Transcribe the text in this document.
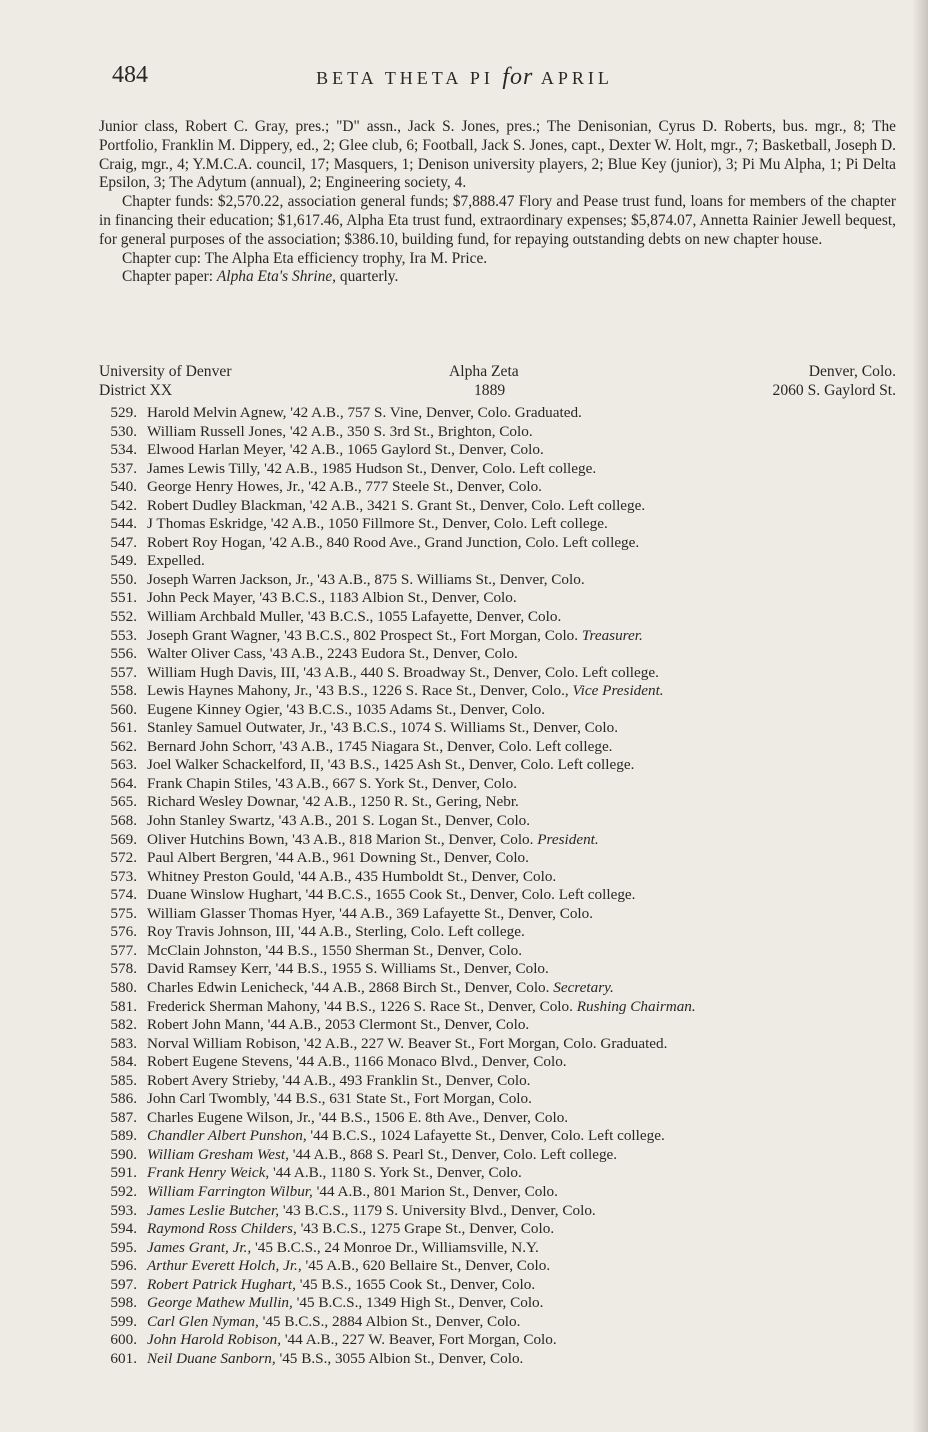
484	BETA THETA PI for APRIL

Junior class, Robert C. Gray, pres.; "D" assn., Jack S. Jones, pres.; The Denisonian, Cyrus D. Roberts, bus. mgr., 8; The Portfolio, Franklin M. Dippery, ed., 2; Glee club, 6; Football, Jack S. Jones, capt., Dexter W. Holt, mgr., 7; Basketball, Joseph D. Craig, mgr., 4; Y.M.C.A. council, 17; Masquers, 1; Denison university players, 2; Blue Key (junior), 3; Pi Mu Alpha, 1; Pi Delta Epsilon, 3; The Adytum (annual), 2; Engineering society, 4.

Chapter funds: $2,570.22, association general funds; $7,888.47 Flory and Pease trust fund, loans for members of the chapter in financing their education; $1,617.46, Alpha Eta trust fund, extraordinary expenses; $5,874.07, Annetta Rainier Jewell bequest, for general purposes of the association; $386.10, building fund, for repaying outstanding debts on new chapter house.

Chapter cup: The Alpha Eta efficiency trophy, Ira M. Price.

Chapter paper: Alpha Eta's Shrine, quarterly.

University of Denver
District XX
Alpha Zeta
1889
Denver, Colo.
2060 S. Gaylord St.
529. Harold Melvin Agnew, '42 A.B., 757 S. Vine, Denver, Colo. Graduated.
530. William Russell Jones, '42 A.B., 350 S. 3rd St., Brighton, Colo.
534. Elwood Harlan Meyer, '42 A.B., 1065 Gaylord St., Denver, Colo.
537. James Lewis Tilly, '42 A.B., 1985 Hudson St., Denver, Colo. Left college.
540. George Henry Howes, Jr., '42 A.B., 777 Steele St., Denver, Colo.
542. Robert Dudley Blackman, '42 A.B., 3421 S. Grant St., Denver, Colo. Left college.
544. J Thomas Eskridge, '42 A.B., 1050 Fillmore St., Denver, Colo. Left college.
547. Robert Roy Hogan, '42 A.B., 840 Rood Ave., Grand Junction, Colo. Left college.
549. Expelled.
550. Joseph Warren Jackson, Jr., '43 A.B., 875 S. Williams St., Denver, Colo.
551. John Peck Mayer, '43 B.C.S., 1183 Albion St., Denver, Colo.
552. William Archbald Muller, '43 B.C.S., 1055 Lafayette, Denver, Colo.
553. Joseph Grant Wagner, '43 B.C.S., 802 Prospect St., Fort Morgan, Colo. Treasurer.
556. Walter Oliver Cass, '43 A.B., 2243 Eudora St., Denver, Colo.
557. William Hugh Davis, III, '43 A.B., 440 S. Broadway St., Denver, Colo. Left college.
558. Lewis Haynes Mahony, Jr., '43 B.S., 1226 S. Race St., Denver, Colo., Vice President.
560. Eugene Kinney Ogier, '43 B.C.S., 1035 Adams St., Denver, Colo.
561. Stanley Samuel Outwater, Jr., '43 B.C.S., 1074 S. Williams St., Denver, Colo.
562. Bernard John Schorr, '43 A.B., 1745 Niagara St., Denver, Colo. Left college.
563. Joel Walker Schackelford, II, '43 B.S., 1425 Ash St., Denver, Colo. Left college.
564. Frank Chapin Stiles, '43 A.B., 667 S. York St., Denver, Colo.
565. Richard Wesley Downar, '42 A.B., 1250 R. St., Gering, Nebr.
568. John Stanley Swartz, '43 A.B., 201 S. Logan St., Denver, Colo.
569. Oliver Hutchins Bown, '43 A.B., 818 Marion St., Denver, Colo. President.
572. Paul Albert Bergren, '44 A.B., 961 Downing St., Denver, Colo.
573. Whitney Preston Gould, '44 A.B., 435 Humboldt St., Denver, Colo.
574. Duane Winslow Hughart, '44 B.C.S., 1655 Cook St., Denver, Colo. Left college.
575. William Glasser Thomas Hyer, '44 A.B., 369 Lafayette St., Denver, Colo.
576. Roy Travis Johnson, III, '44 A.B., Sterling, Colo. Left college.
577. McClain Johnston, '44 B.S., 1550 Sherman St., Denver, Colo.
578. David Ramsey Kerr, '44 B.S., 1955 S. Williams St., Denver, Colo.
580. Charles Edwin Lenicheck, '44 A.B., 2868 Birch St., Denver, Colo. Secretary.
581. Frederick Sherman Mahony, '44 B.S., 1226 S. Race St., Denver, Colo. Rushing Chairman.
582. Robert John Mann, '44 A.B., 2053 Clermont St., Denver, Colo.
583. Norval William Robison, '42 A.B., 227 W. Beaver St., Fort Morgan, Colo. Graduated.
584. Robert Eugene Stevens, '44 A.B., 1166 Monaco Blvd., Denver, Colo.
585. Robert Avery Strieby, '44 A.B., 493 Franklin St., Denver, Colo.
586. John Carl Twombly, '44 B.S., 631 State St., Fort Morgan, Colo.
587. Charles Eugene Wilson, Jr., '44 B.S., 1506 E. 8th Ave., Denver, Colo.
589. Chandler Albert Punshon, '44 B.C.S., 1024 Lafayette St., Denver, Colo. Left college.
590. William Gresham West, '44 A.B., 868 S. Pearl St., Denver, Colo. Left college.
591. Frank Henry Weick, '44 A.B., 1180 S. York St., Denver, Colo.
592. William Farrington Wilbur, '44 A.B., 801 Marion St., Denver, Colo.
593. James Leslie Butcher, '43 B.C.S., 1179 S. University Blvd., Denver, Colo.
594. Raymond Ross Childers, '43 B.C.S., 1275 Grape St., Denver, Colo.
595. James Grant, Jr., '45 B.C.S., 24 Monroe Dr., Williamsville, N.Y.
596. Arthur Everett Holch, Jr., '45 A.B., 620 Bellaire St., Denver, Colo.
597. Robert Patrick Hughart, '45 B.S., 1655 Cook St., Denver, Colo.
598. George Mathew Mullin, '45 B.C.S., 1349 High St., Denver, Colo.
599. Carl Glen Nyman, '45 B.C.S., 2884 Albion St., Denver, Colo.
600. John Harold Robison, '44 A.B., 227 W. Beaver, Fort Morgan, Colo.
601. Neil Duane Sanborn, '45 B.S., 3055 Albion St., Denver, Colo.
